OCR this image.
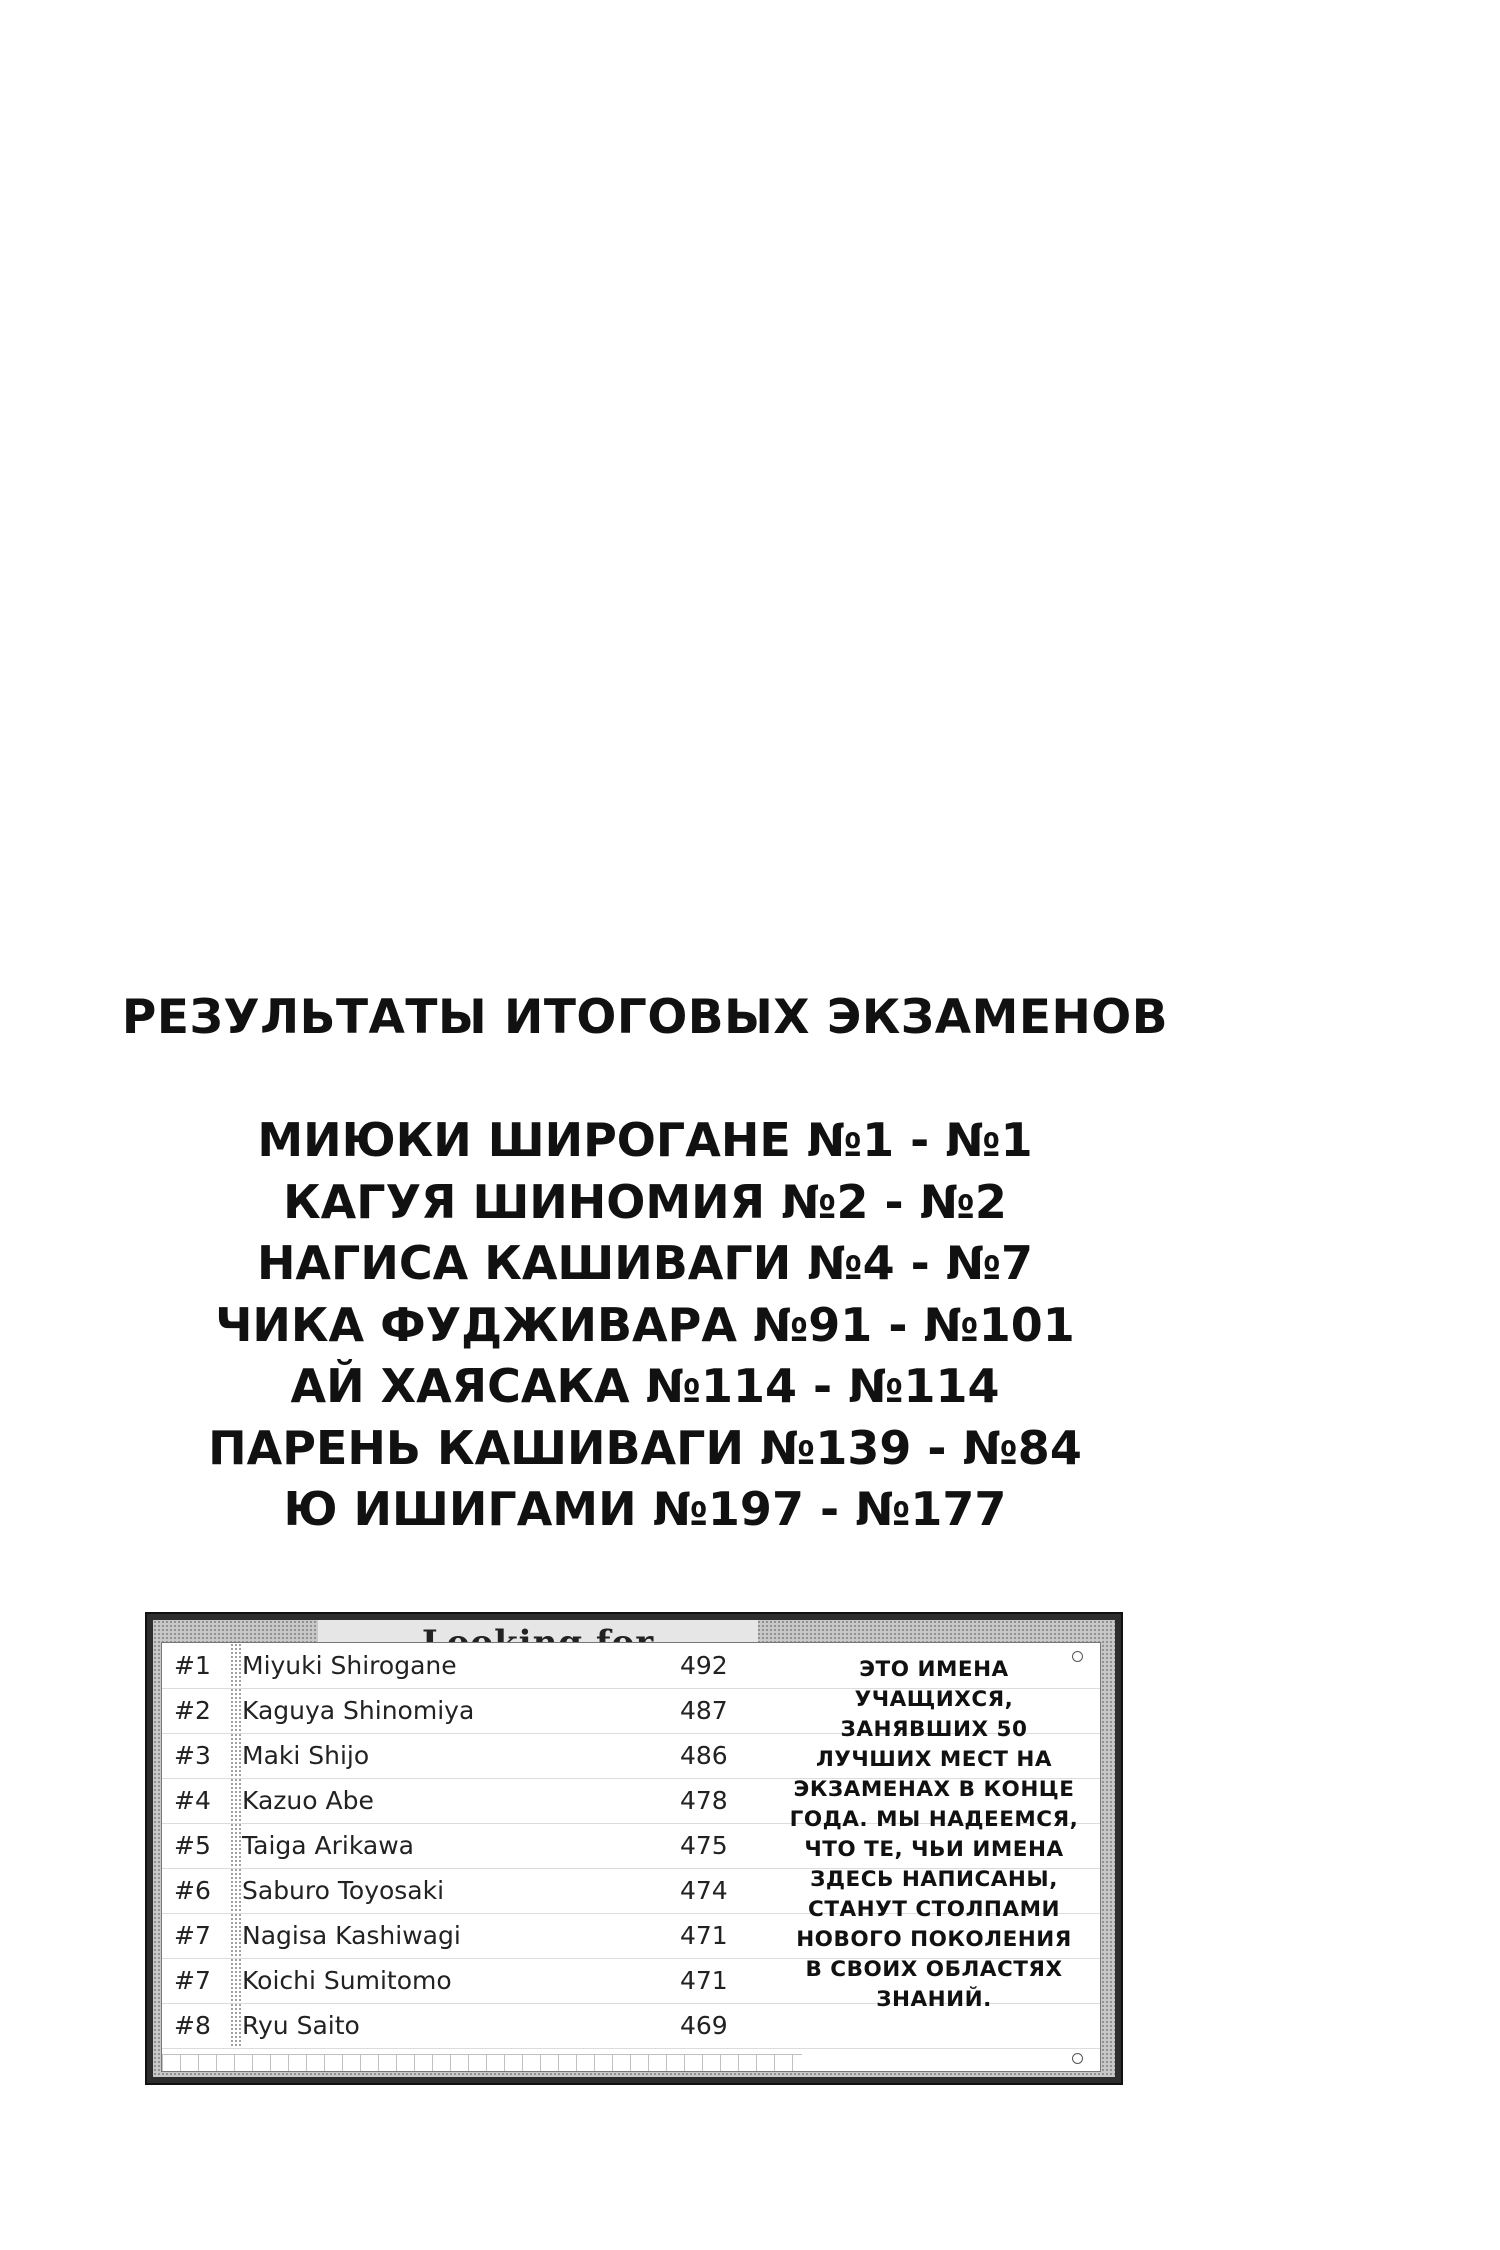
РЕЗУЛЬТАТЫ ИТОГОВЫХ ЭКЗАМЕНОВ
МИЮКИ ШИРОГАНЕ №1 - №1
КАГУЯ ШИНОМИЯ №2 - №2
НАГИСА КАШИВАГИ №4 - №7
ЧИКА ФУДЖИВАРА №91 - №101
АЙ ХАЯСАКА №114 - №114
ПАРЕНЬ КАШИВАГИ №139 - №84
Ю ИШИГАМИ №197 - №177
#1	Miyuki Shirogane	492
#2	Kaguya Shinomiya	487
#3	Maki Shijo	486
#4	Kazuo Abe	478
#5	Taiga Arikawa	475
#6	Saburo Toyosaki	474
#7	Nagisa Kashiwagi	471
#7	Koichi Sumitomo	471
#8	Ryu Saito	469
ЭТО ИМЕНА УЧАЩИХСЯ, ЗАНЯВШИХ 50 ЛУЧШИХ МЕСТ НА ЭКЗАМЕНАХ В КОНЦЕ ГОДА. МЫ НАДЕЕМСЯ, ЧТО ТЕ, ЧЬИ ИМЕНА ЗДЕСЬ НАПИСАНЫ, СТАНУТ СТОЛПАМИ НОВОГО ПОКОЛЕНИЯ В СВОИХ ОБЛАСТЯХ ЗНАНИЙ.
